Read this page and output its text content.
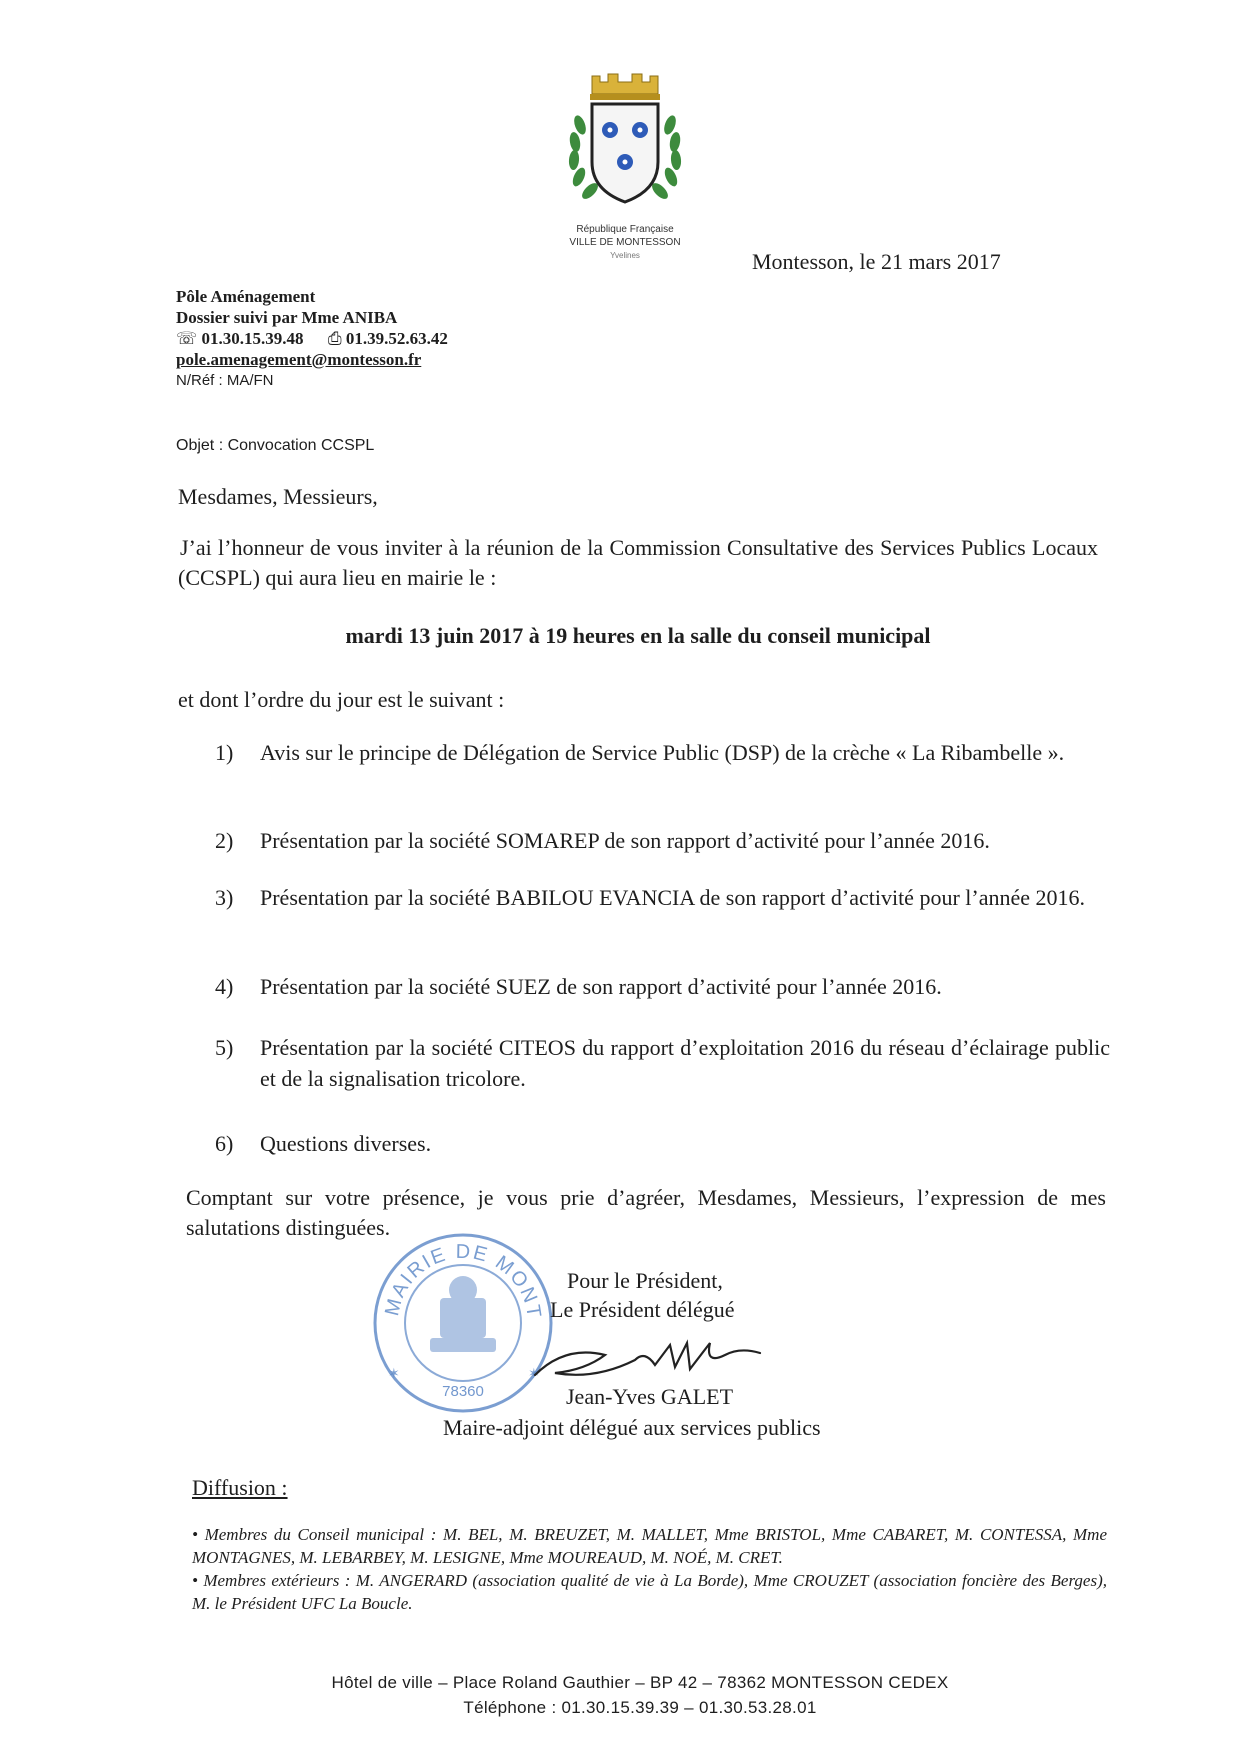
République Française
VILLE DE MONTESSON
Yvelines	Montesson, le 21 mars 2017
Pôle Aménagement
Dossier suivi par Mme ANIBA
☏ 01.30.15.39.48 ⎙ 01.39.52.63.42
pole.amenagement@montesson.fr
N/Réf : MA/FN
Objet : Convocation CCSPL
Mesdames, Messieurs,
J’ai l’honneur de vous inviter à la réunion de la Commission Consultative des Services Publics Locaux (CCSPL) qui aura lieu en mairie le :
mardi 13 juin 2017 à 19 heures en la salle du conseil municipal
et dont l’ordre du jour est le suivant :
1)	Avis sur le principe de Délégation de Service Public (DSP) de la crèche « La Ribambelle ».
2)	Présentation par la société SOMAREP de son rapport d’activité pour l’année 2016.
3)	Présentation par la société BABILOU EVANCIA de son rapport d’activité pour l’année 2016.
4)	Présentation par la société SUEZ de son rapport d’activité pour l’année 2016.
5)	Présentation par la société CITEOS du rapport d’exploitation 2016 du réseau d’éclairage public et de la signalisation tricolore.
6)	Questions diverses.
Comptant sur votre présence, je vous prie d’agréer, Mesdames, Messieurs, l’expression de mes salutations distinguées.
MAIRIE DE MONT
✶	✶
78360
Pour le Président,
Le Président délégué
Jean-Yves GALET
Maire-adjoint délégué aux services publics
Diffusion :
• Membres du Conseil municipal : M. BEL, M. BREUZET, M. MALLET, Mme BRISTOL, Mme CABARET, M. CONTESSA, Mme MONTAGNES, M. LEBARBEY, M. LESIGNE, Mme MOUREAUD, M. NOÉ, M. CRET.
• Membres extérieurs : M. ANGERARD (association qualité de vie à La Borde), Mme CROUZET (association foncière des Berges), M. le Président UFC La Boucle.
Hôtel de ville – Place Roland Gauthier – BP 42 – 78362 MONTESSON CEDEX
Téléphone : 01.30.15.39.39 – 01.30.53.28.01
